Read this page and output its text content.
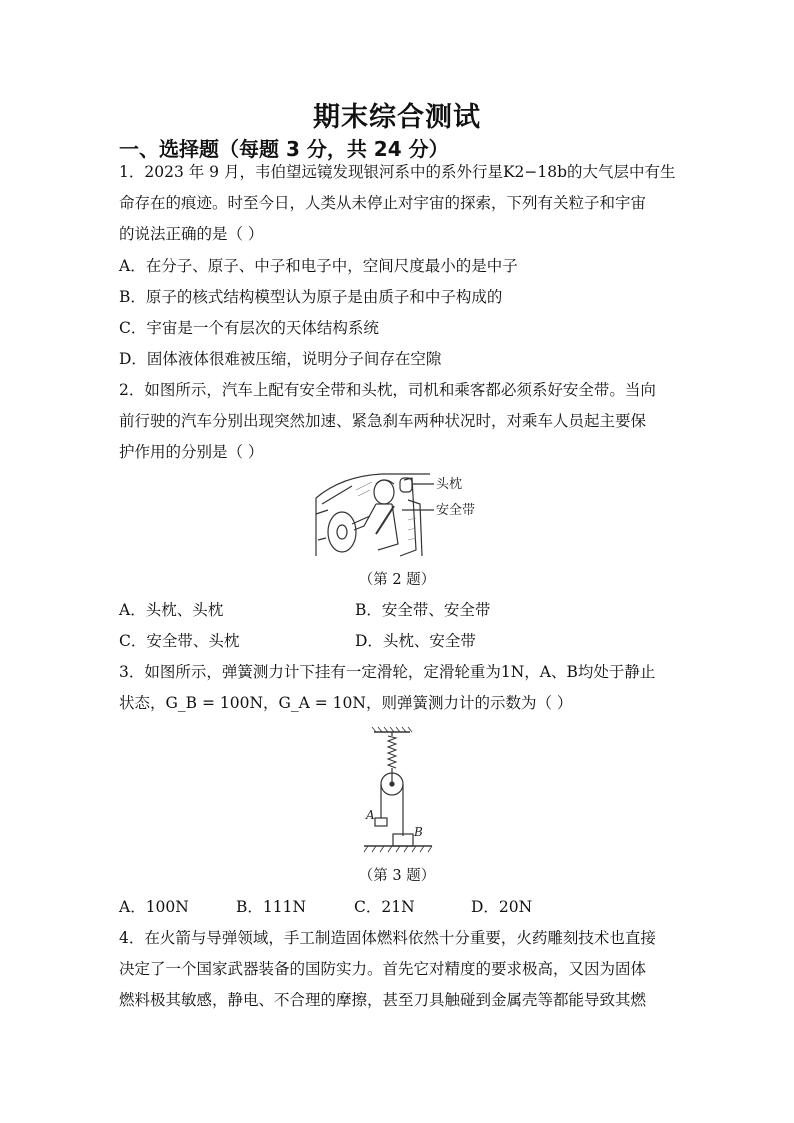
期末综合测试
一、选择题（每题 3 分，共 24 分）
1．2023 年 9 月，韦伯望远镜发现银河系中的系外行星K2−18b的大气层中有生
命存在的痕迹。时至今日，人类从未停止对宇宙的探索，下列有关粒子和宇宙
的说法正确的是（ ）
A．在分子、原子、中子和电子中，空间尺度最小的是中子
B．原子的核式结构模型认为原子是由质子和中子构成的
C．宇宙是一个有层次的天体结构系统
D．固体液体很难被压缩，说明分子间存在空隙
2．如图所示，汽车上配有安全带和头枕，司机和乘客都必须系好安全带。当向
前行驶的汽车分别出现突然加速、紧急刹车两种状况时，对乘车人员起主要保
护作用的分别是（ ）
头枕
安全带
（第 2 题）
A．头枕、头枕	B．安全带、安全带
C．安全带、头枕	D．头枕、安全带
3．如图所示，弹簧测力计下挂有一定滑轮，定滑轮重为1N，A、B均处于静止
状态，G_B = 100N，G_A = 10N，则弹簧测力计的示数为（ ）
A
B
（第 3 题）
A．100N	B．111N	C．21N	D．20N
4．在火箭与导弹领域，手工制造固体燃料依然十分重要，火药雕刻技术也直接
决定了一个国家武器装备的国防实力。首先它对精度的要求极高，又因为固体
燃料极其敏感，静电、不合理的摩擦，甚至刀具触碰到金属壳等都能导致其燃
